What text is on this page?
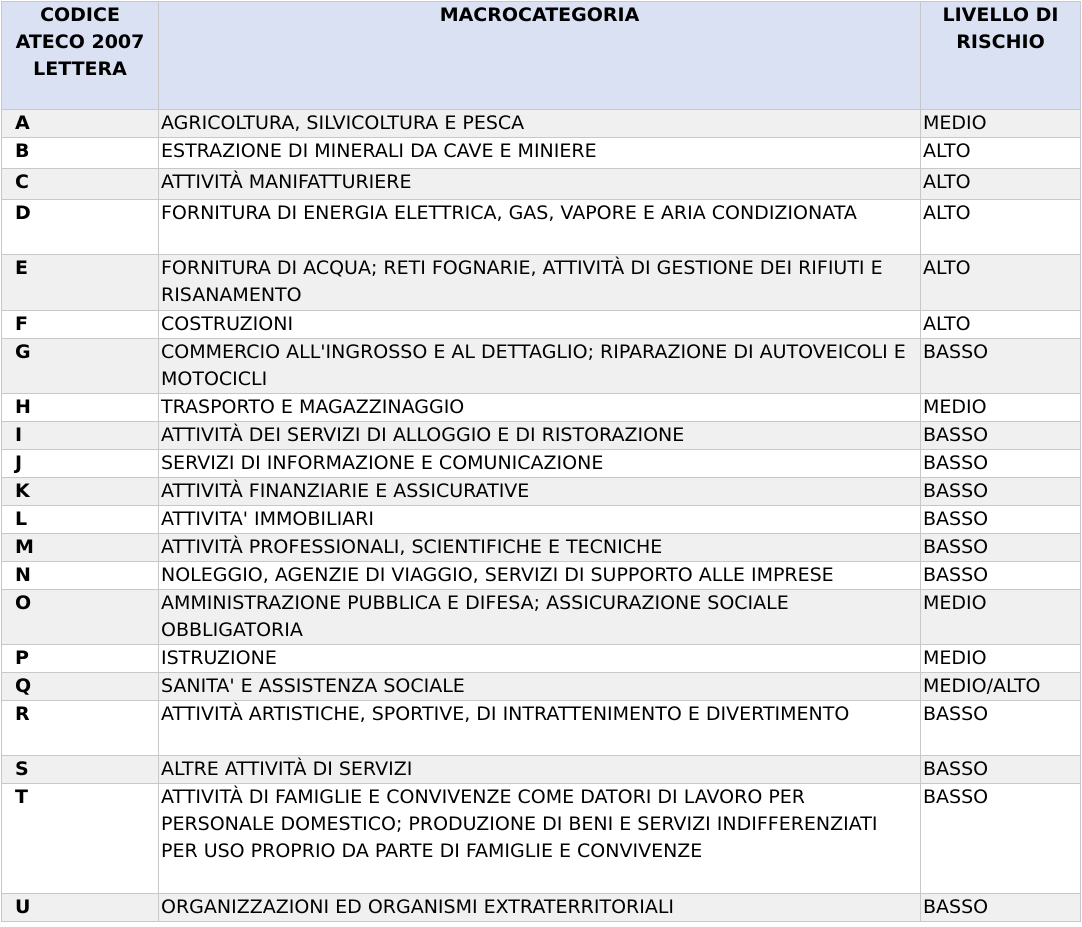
CODICE ATECO 2007 LETTERA	MACROCATEGORIA	LIVELLO DI RISCHIO
A	AGRICOLTURA, SILVICOLTURA E PESCA	MEDIO
B	ESTRAZIONE DI MINERALI DA CAVE E MINIERE	ALTO
C	ATTIVITÀ MANIFATTURIERE	ALTO
D	FORNITURA DI ENERGIA ELETTRICA, GAS, VAPORE E ARIA CONDIZIONATA	ALTO
E	FORNITURA DI ACQUA; RETI FOGNARIE, ATTIVITÀ DI GESTIONE DEI RIFIUTI E RISANAMENTO	ALTO
F	COSTRUZIONI	ALTO
G	COMMERCIO ALL'INGROSSO E AL DETTAGLIO; RIPARAZIONE DI AUTOVEICOLI E MOTOCICLI	BASSO
H	TRASPORTO E MAGAZZINAGGIO	MEDIO
I	ATTIVITÀ DEI SERVIZI DI ALLOGGIO E DI RISTORAZIONE	BASSO
J	SERVIZI DI INFORMAZIONE E COMUNICAZIONE	BASSO
K	ATTIVITÀ FINANZIARIE E ASSICURATIVE	BASSO
L	ATTIVITA' IMMOBILIARI	BASSO
M	ATTIVITÀ PROFESSIONALI, SCIENTIFICHE E TECNICHE	BASSO
N	NOLEGGIO, AGENZIE DI VIAGGIO, SERVIZI DI SUPPORTO ALLE IMPRESE	BASSO
O	AMMINISTRAZIONE PUBBLICA E DIFESA; ASSICURAZIONE SOCIALE OBBLIGATORIA	MEDIO
P	ISTRUZIONE	MEDIO
Q	SANITA' E ASSISTENZA SOCIALE	MEDIO/ALTO
R	ATTIVITÀ ARTISTICHE, SPORTIVE, DI INTRATTENIMENTO E DIVERTIMENTO	BASSO
S	ALTRE ATTIVITÀ DI SERVIZI	BASSO
T	ATTIVITÀ DI FAMIGLIE E CONVIVENZE COME DATORI DI LAVORO PER PERSONALE DOMESTICO; PRODUZIONE DI BENI E SERVIZI INDIFFERENZIATI PER USO PROPRIO DA PARTE DI FAMIGLIE E CONVIVENZE	BASSO
U	ORGANIZZAZIONI ED ORGANISMI EXTRATERRITORIALI	BASSO
